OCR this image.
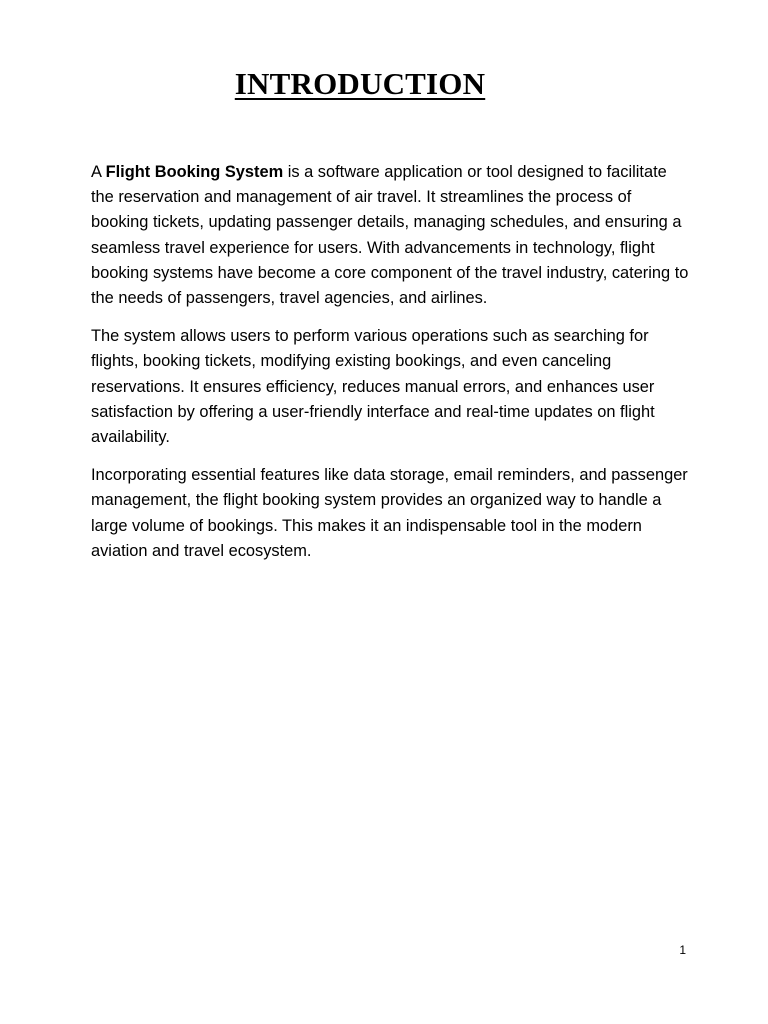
INTRODUCTION

A Flight Booking System is a software application or tool designed to facilitate the reservation and management of air travel. It streamlines the process of booking tickets, updating passenger details, managing schedules, and ensuring a seamless travel experience for users. With advancements in technology, flight booking systems have become a core component of the travel industry, catering to the needs of passengers, travel agencies, and airlines.

The system allows users to perform various operations such as searching for flights, booking tickets, modifying existing bookings, and even canceling reservations. It ensures efficiency, reduces manual errors, and enhances user satisfaction by offering a user-friendly interface and real-time updates on flight availability.

Incorporating essential features like data storage, email reminders, and passenger management, the flight booking system provides an organized way to handle a large volume of bookings. This makes it an indispensable tool in the modern aviation and travel ecosystem.

1
